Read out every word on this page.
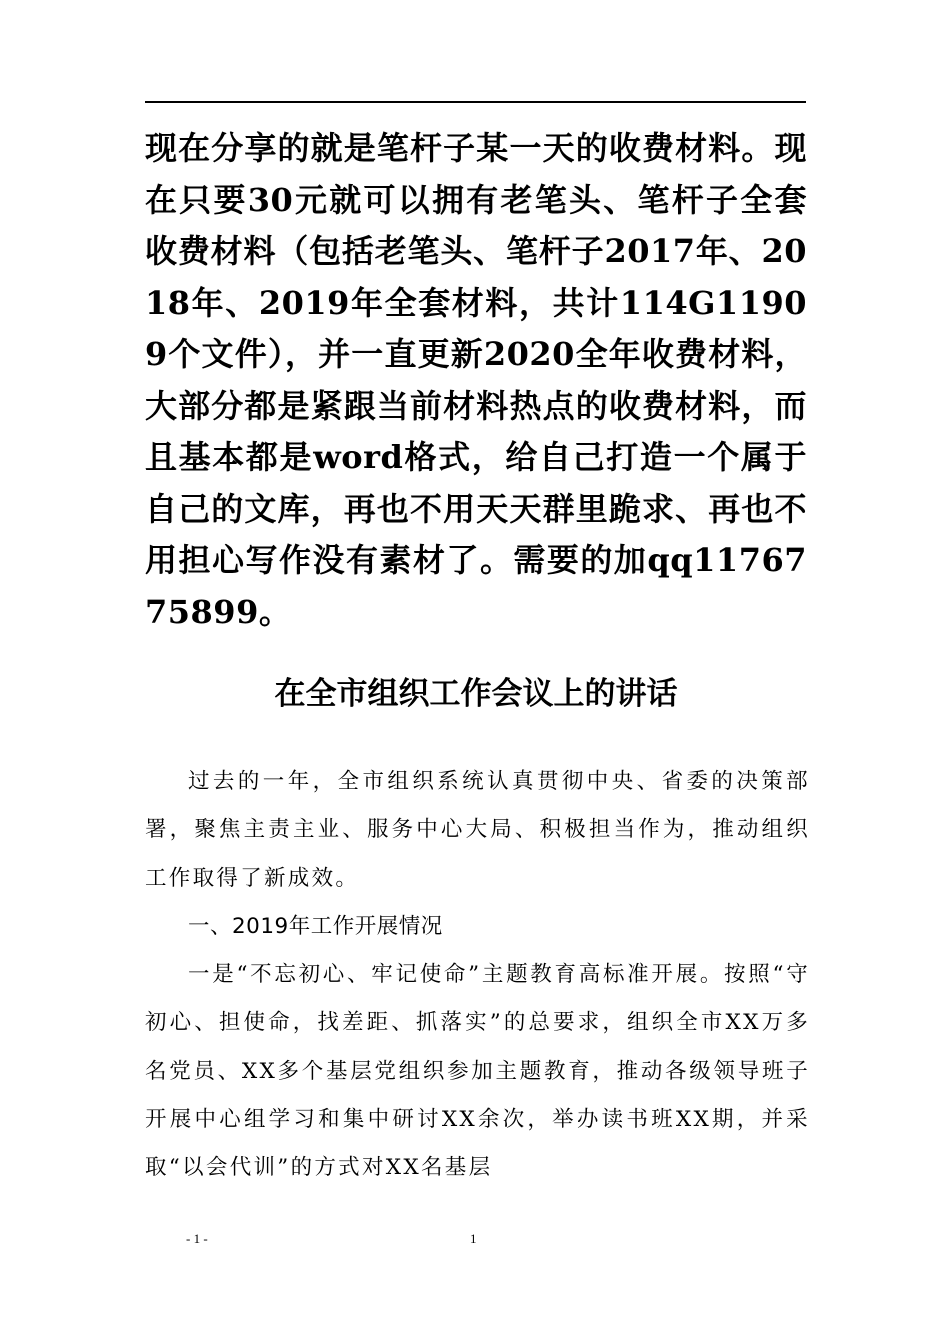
现在分享的就是笔杆子某一天的收费材料。现在只要30元就可以拥有老笔头、笔杆子全套收费材料（包括老笔头、笔杆子2017年、2018年、2019年全套材料，共计114G11909个文件），并一直更新2020全年收费材料，大部分都是紧跟当前材料热点的收费材料，而且基本都是word格式，给自己打造一个属于自己的文库，再也不用天天群里跪求、再也不用担心写作没有素材了。需要的加qq1176775899。

在全市组织工作会议上的讲话

过去的一年，全市组织系统认真贯彻中央、省委的决策部署，聚焦主责主业、服务中心大局、积极担当作为，推动组织工作取得了新成效。

一、2019年工作开展情况

一是“不忘初心、牢记使命”主题教育高标准开展。按照“守初心、担使命，找差距、抓落实”的总要求，组织全市XX万多名党员、XX多个基层党组织参加主题教育，推动各级领导班子开展中心组学习和集中研讨XX余次，举办读书班XX期，并采取“以会代训”的方式对XX名基层

- 1 -	1
